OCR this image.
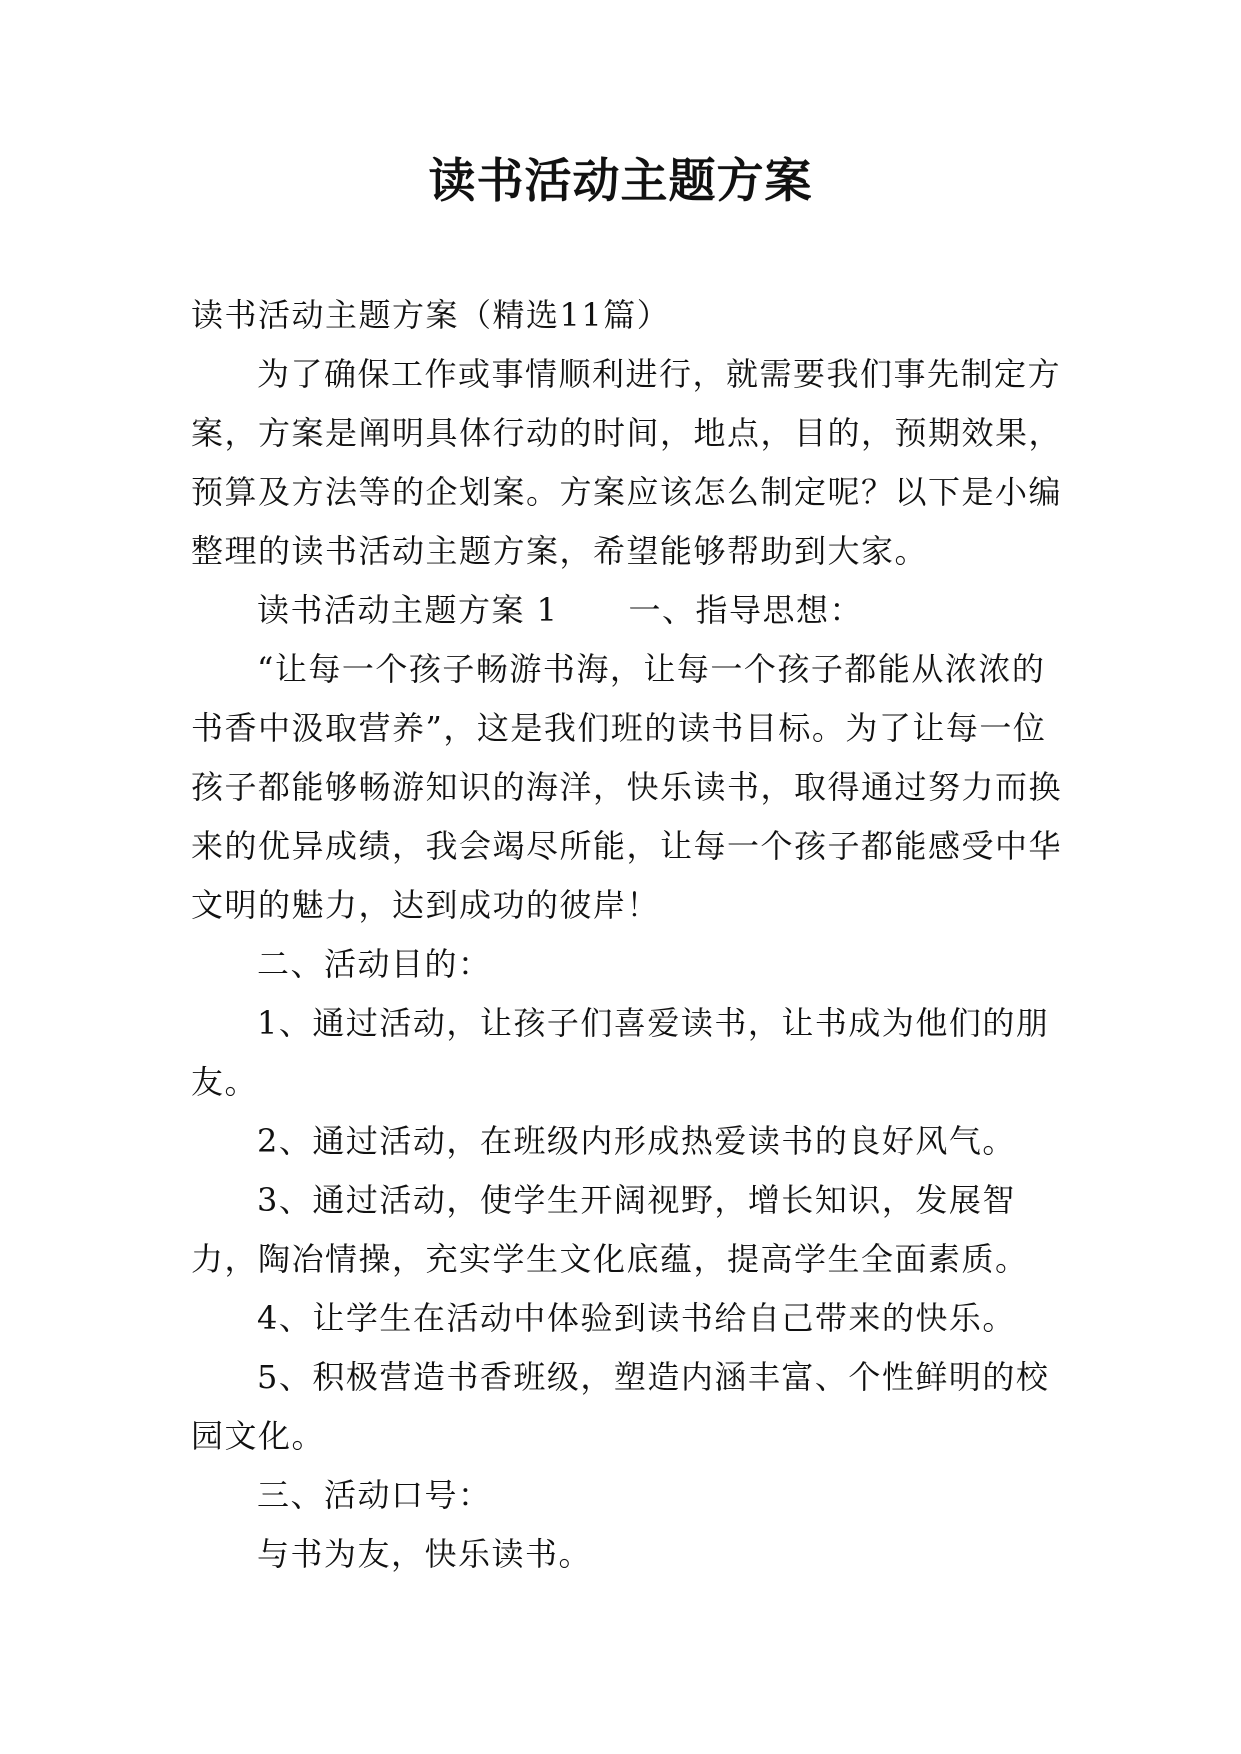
读书活动主题方案

读书活动主题方案（精选11篇）

为了确保工作或事情顺利进行，就需要我们事先制定方案，方案是阐明具体行动的时间，地点，目的，预期效果，预算及方法等的企划案。方案应该怎么制定呢？以下是小编整理的读书活动主题方案，希望能够帮助到大家。

读书活动主题方案 1 一、指导思想：

“让每一个孩子畅游书海，让每一个孩子都能从浓浓的书香中汲取营养”，这是我们班的读书目标。为了让每一位孩子都能够畅游知识的海洋，快乐读书，取得通过努力而换来的优异成绩，我会竭尽所能，让每一个孩子都能感受中华文明的魅力，达到成功的彼岸！

二、活动目的：

1、通过活动，让孩子们喜爱读书，让书成为他们的朋友。

2、通过活动，在班级内形成热爱读书的良好风气。

3、通过活动，使学生开阔视野，增长知识，发展智力，陶冶情操，充实学生文化底蕴，提高学生全面素质。

4、让学生在活动中体验到读书给自己带来的快乐。

5、积极营造书香班级，塑造内涵丰富、个性鲜明的校园文化。

三、活动口号：

与书为友，快乐读书。
